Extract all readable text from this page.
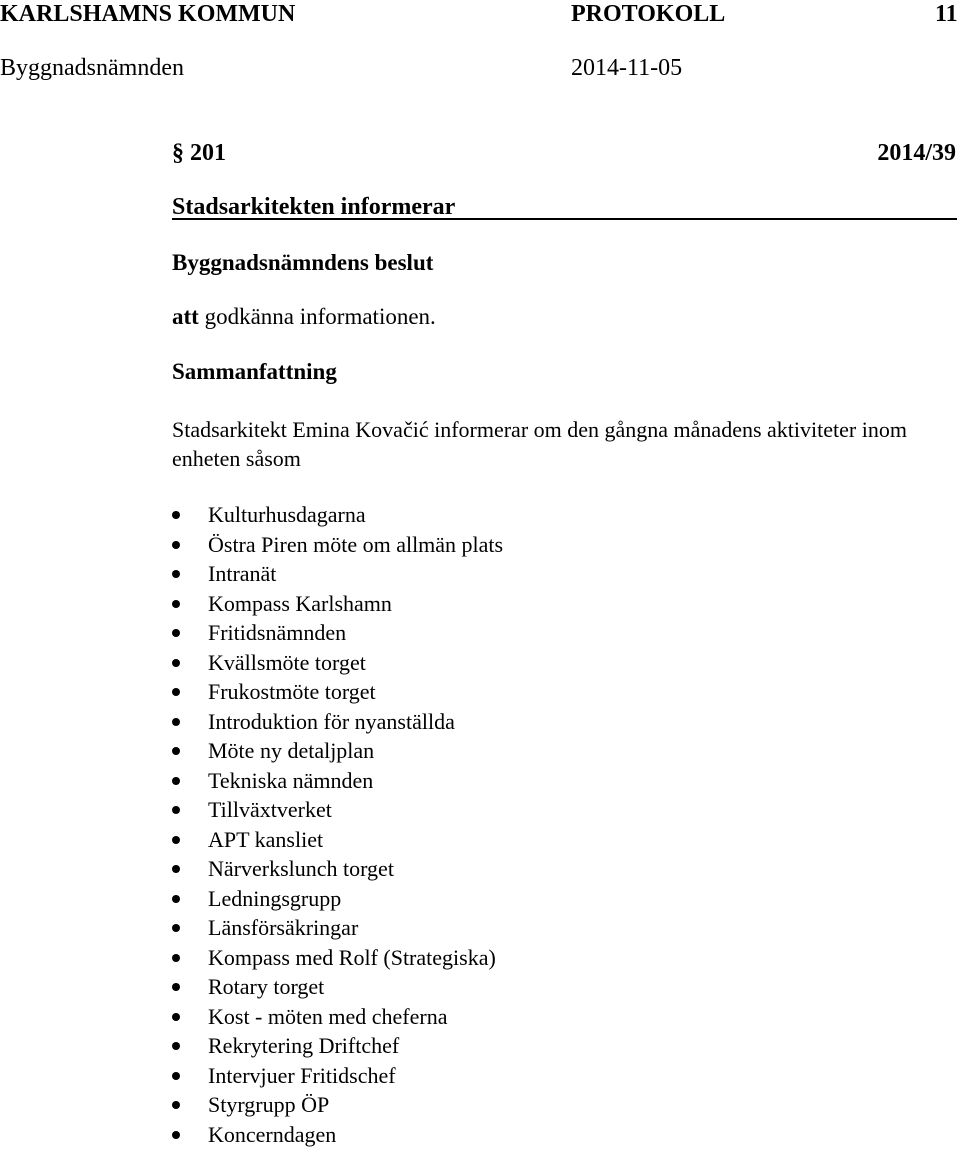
KARLSHAMNS KOMMUN	PROTOKOLL	11
Byggnadsnämnden	2014-11-05
§ 201	2014/39
Stadsarkitekten informerar
Byggnadsnämndens beslut
att godkänna informationen.
Sammanfattning
Stadsarkitekt Emina Kovačić informerar om den gångna månadens aktiviteter inom enheten såsom
Kulturhusdagarna
Östra Piren möte om allmän plats
Intranät
Kompass Karlshamn
Fritidsnämnden
Kvällsmöte torget
Frukostmöte torget
Introduktion för nyanställda
Möte ny detaljplan
Tekniska nämnden
Tillväxtverket
APT kansliet
Närverkslunch torget
Ledningsgrupp
Länsförsäkringar
Kompass med Rolf (Strategiska)
Rotary torget
Kost - möten med cheferna
Rekrytering Driftchef
Intervjuer Fritidschef
Styrgrupp ÖP
Koncerndagen
